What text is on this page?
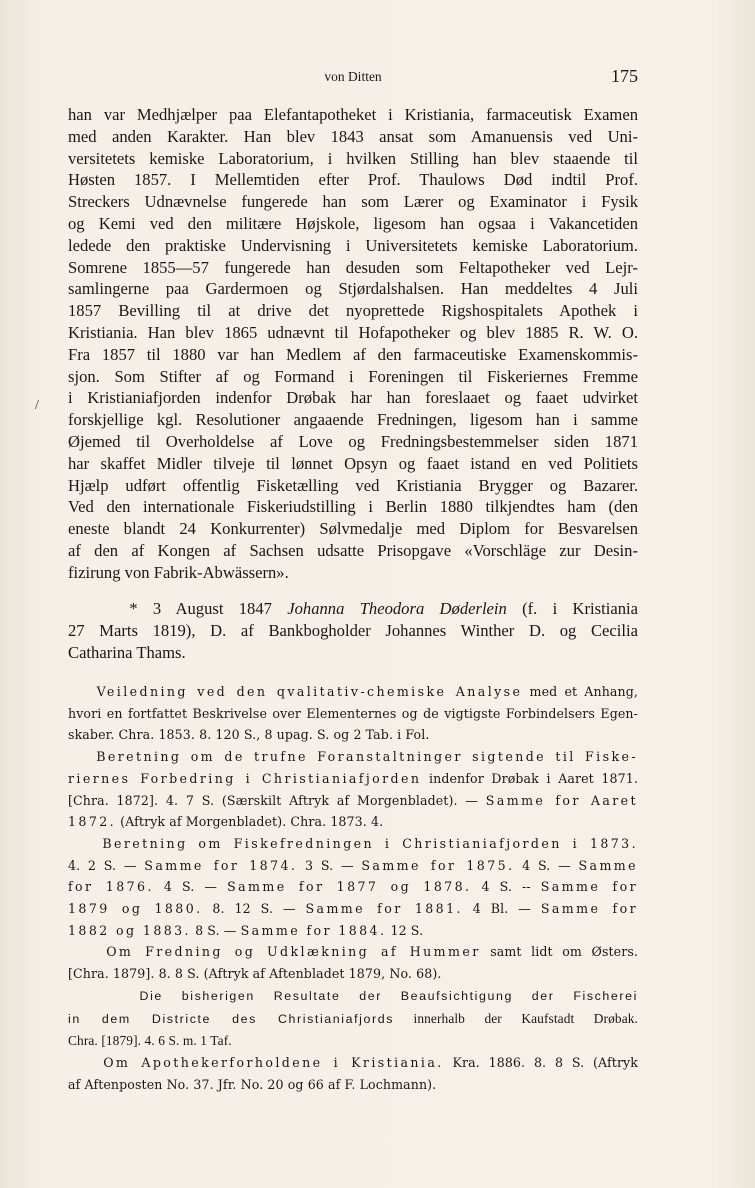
von Ditten	175
/
han var Medhjælper paa Elefantapotheket i Kristiania, farmaceutisk Examen
med anden Karakter. Han blev 1843 ansat som Amanuensis ved Uni-
versitetets kemiske Laboratorium, i hvilken Stilling han blev staaende til
Høsten 1857. I Mellemtiden efter Prof. Thaulows Død indtil Prof.
Streckers Udnævnelse fungerede han som Lærer og Examinator i Fysik
og Kemi ved den militære Højskole, ligesom han ogsaa i Vakancetiden
ledede den praktiske Undervisning i Universitetets kemiske Laboratorium.
Somrene 1855—57 fungerede han desuden som Feltapotheker ved Lejr-
samlingerne paa Gardermoen og Stjørdalshalsen. Han meddeltes 4 Juli
1857 Bevilling til at drive det nyoprettede Rigshospitalets Apothek i
Kristiania. Han blev 1865 udnævnt til Hofapotheker og blev 1885 R. W. O.
Fra 1857 til 1880 var han Medlem af den farmaceutiske Examenskommis-
sjon. Som Stifter af og Formand i Foreningen til Fiskeriernes Fremme
i Kristianiafjorden indenfor Drøbak har han foreslaaet og faaet udvirket
forskjellige kgl. Resolutioner angaaende Fredningen, ligesom han i samme
Øjemed til Overholdelse af Love og Fredningsbestemmelser siden 1871
har skaffet Midler tilveje til lønnet Opsyn og faaet istand en ved Politiets
Hjælp udført offentlig Fisketælling ved Kristiania Brygger og Bazarer.
Ved den internationale Fiskeriudstilling i Berlin 1880 tilkjendtes ham (den
eneste blandt 24 Konkurrenter) Sølvmedalje med Diplom for Besvarelsen
af den af Kongen af Sachsen udsatte Prisopgave «Vorschläge zur Desin-
fizirung von Fabrik-Abwässern».
* 3 August 1847 Johanna Theodora Døderlein (f. i Kristiania
27 Marts 1819), D. af Bankbogholder Johannes Winther D. og Cecilia
Catharina Thams.
Veiledning ved den qvalitativ-chemiske Analyse med et Anhang,
hvori en fortfattet Beskrivelse over Elementernes og de vigtigste Forbindelsers Egen-
skaber. Chra. 1853. 8. 120 S., 8 upag. S. og 2 Tab. i Fol.
Beretning om de trufne Foranstaltninger sigtende til Fiske-
riernes Forbedring i Christianiafjorden indenfor Drøbak i Aaret 1871.
[Chra. 1872]. 4. 7 S. (Særskilt Aftryk af Morgenbladet). — Samme for Aaret
1872. (Aftryk af Morgenbladet). Chra. 1873. 4.
Beretning om Fiskefredningen i Christianiafjorden i 1873.
4. 2 S. — Samme for 1874. 3 S. — Samme for 1875. 4 S. — Samme
for 1876. 4 S. — Samme for 1877 og 1878. 4 S. -- Samme for
1879 og 1880. 8. 12 S. — Samme for 1881. 4 Bl. — Samme for
1882 og 1883. 8 S. — Samme for 1884. 12 S.
Om Fredning og Udklækning af Hummer samt lidt om Østers.
[Chra. 1879]. 8. 8 S. (Aftryk af Aftenbladet 1879, No. 68).
Die bisherigen Resultate der Beaufsichtigung der Fischerei
in dem Districte des Christianiafjords innerhalb der Kaufstadt Drøbak.
Chra. [1879]. 4. 6 S. m. 1 Taf.
Om Apothekerforholdene i Kristiania. Kra. 1886. 8. 8 S. (Aftryk
af Aftenposten No. 37. Jfr. No. 20 og 66 af F. Lochmann).
